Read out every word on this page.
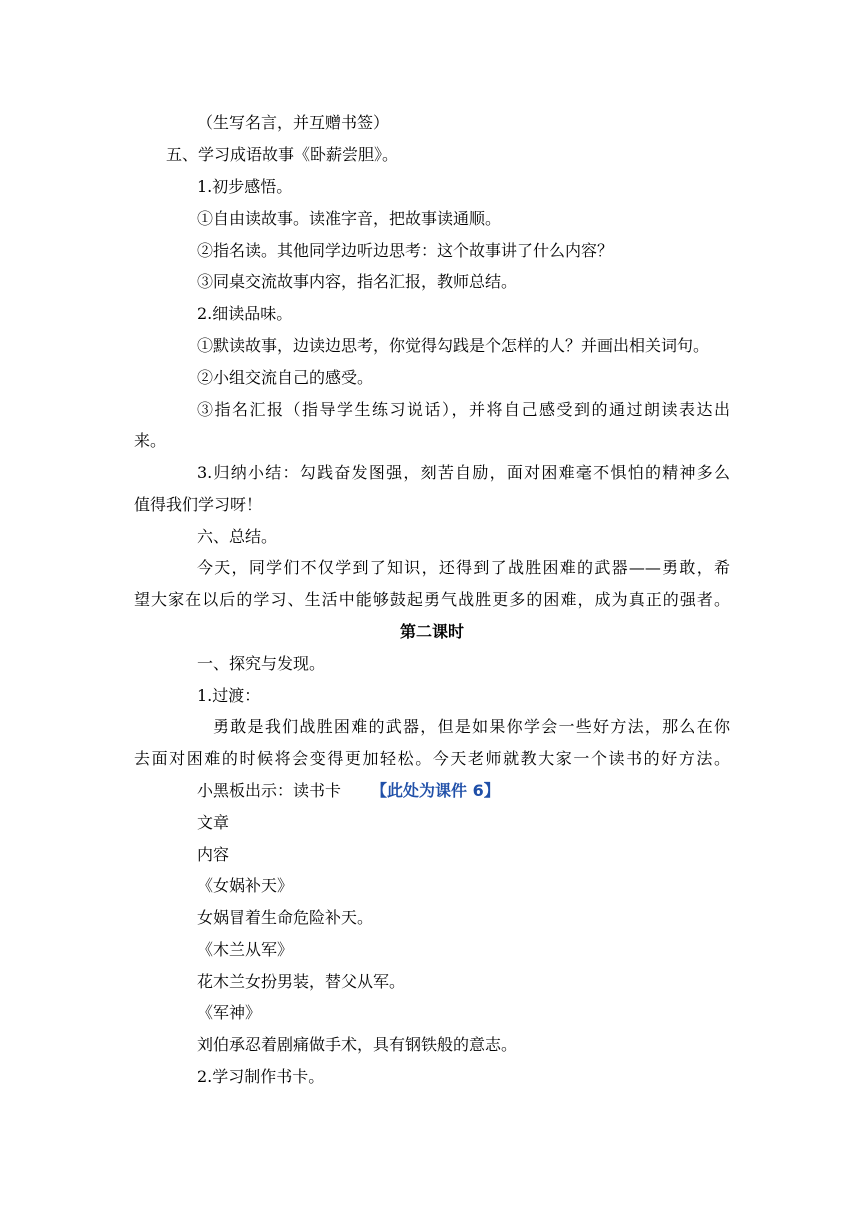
（生写名言，并互赠书签）
五、学习成语故事《卧薪尝胆》。
1.初步感悟。
①自由读故事。读准字音，把故事读通顺。
②指名读。其他同学边听边思考：这个故事讲了什么内容？
③同桌交流故事内容，指名汇报，教师总结。
2.细读品味。
①默读故事，边读边思考，你觉得勾践是个怎样的人？并画出相关词句。
②小组交流自己的感受。
③指名汇报（指导学生练习说话），并将自己感受到的通过朗读表达出
来。
3.归纳小结：勾践奋发图强，刻苦自励，面对困难毫不惧怕的精神多么
值得我们学习呀！
六、总结。
今天，同学们不仅学到了知识，还得到了战胜困难的武器——勇敢，希
望大家在以后的学习、生活中能够鼓起勇气战胜更多的困难，成为真正的强者。
第二课时
一、探究与发现。
1.过渡：
勇敢是我们战胜困难的武器，但是如果你学会一些好方法，那么在你
去面对困难的时候将会变得更加轻松。今天老师就教大家一个读书的好方法。
小黑板出示：读书卡 【此处为课件 6】
文章
内容
《女娲补天》
女娲冒着生命危险补天。
《木兰从军》
花木兰女扮男装，替父从军。
《军神》
刘伯承忍着剧痛做手术，具有钢铁般的意志。
2.学习制作书卡。
